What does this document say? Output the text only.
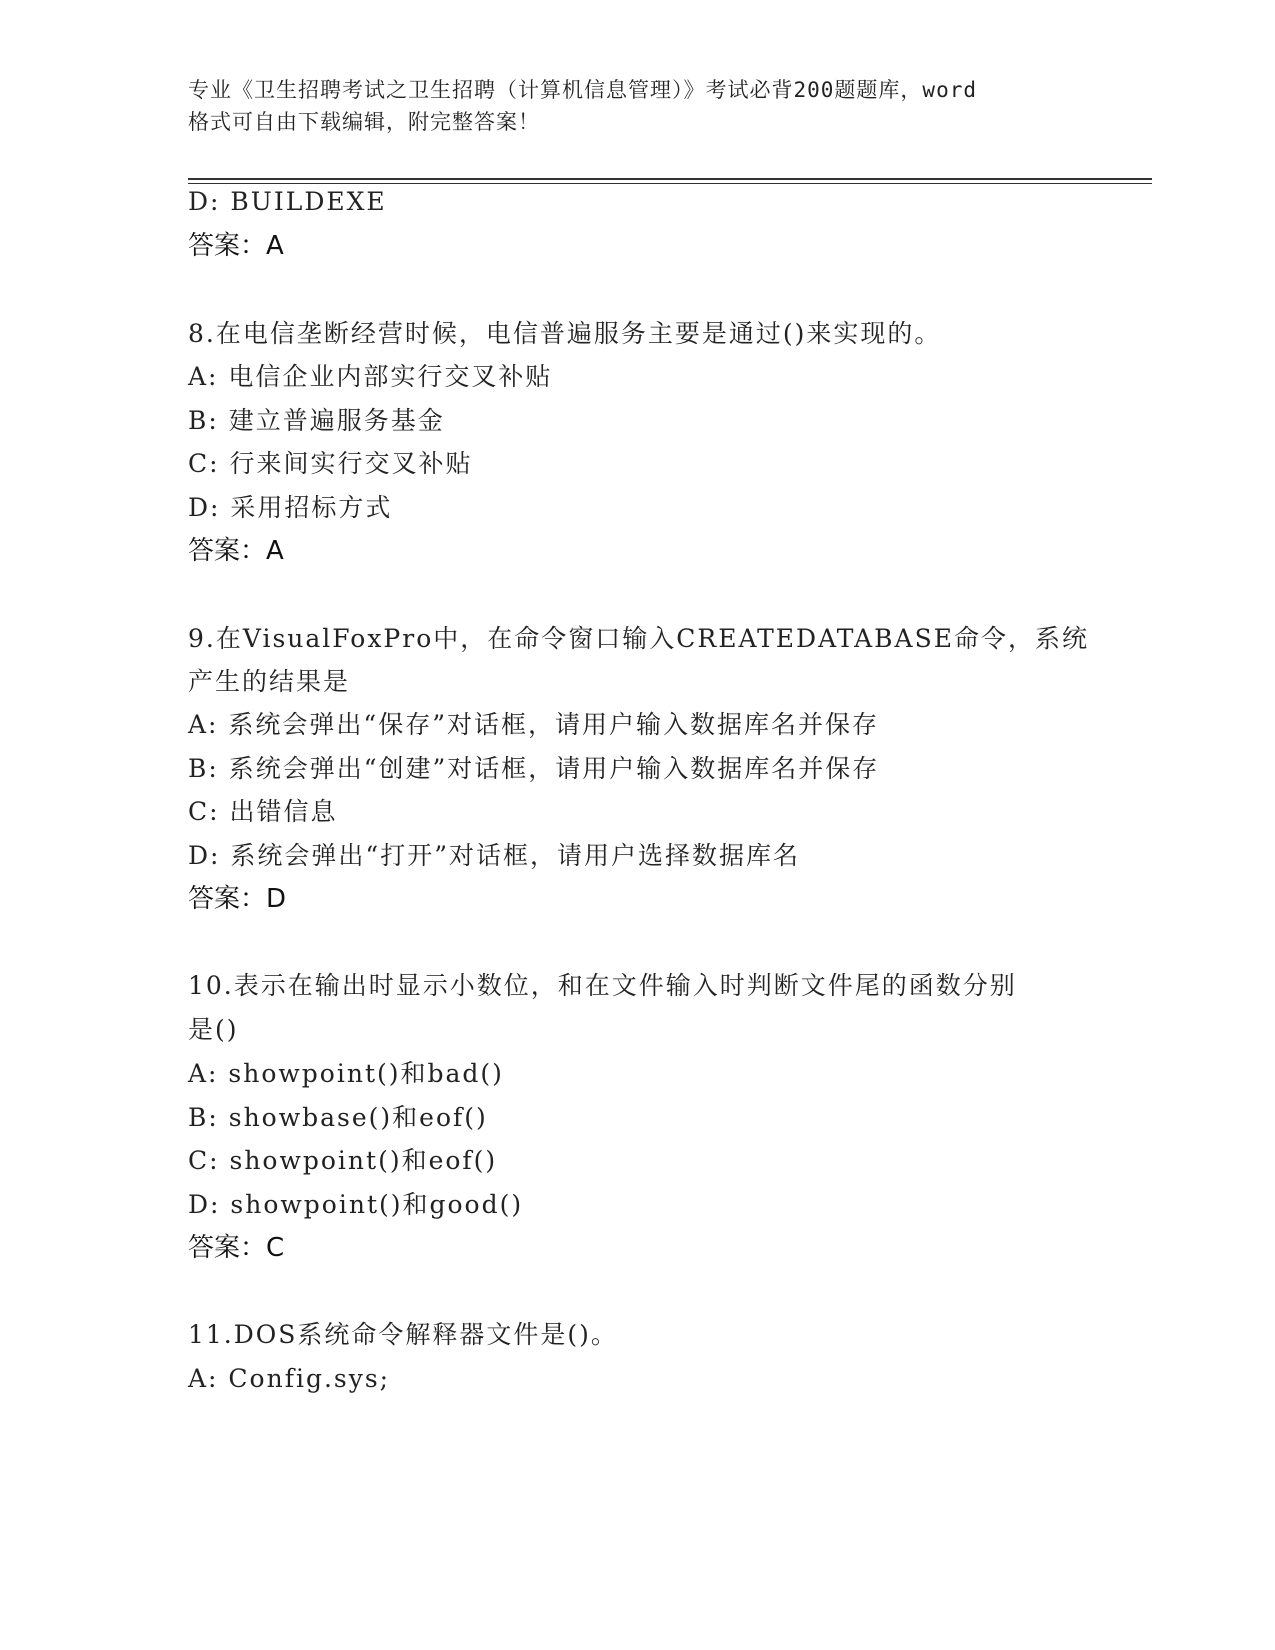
专业《卫生招聘考试之卫生招聘（计算机信息管理）》考试必背200题题库，word
格式可自由下载编辑，附完整答案！
D: BUILDEXE
答案：A
8.在电信垄断经营时候，电信普遍服务主要是通过()来实现的。
A: 电信企业内部实行交叉补贴
B: 建立普遍服务基金
C: 行来间实行交叉补贴
D: 采用招标方式
答案：A
9.在VisualFoxPro中，在命令窗口输入CREATEDATABASE命令，系统
产生的结果是
A: 系统会弹出“保存”对话框，请用户输入数据库名并保存
B: 系统会弹出“创建”对话框，请用户输入数据库名并保存
C: 出错信息
D: 系统会弹出“打开”对话框，请用户选择数据库名
答案：D
10.表示在输出时显示小数位，和在文件输入时判断文件尾的函数分别
是()
A: showpoint()和bad()
B: showbase()和eof()
C: showpoint()和eof()
D: showpoint()和good()
答案：C
11.DOS系统命令解释器文件是()。
A: Config.sys;
